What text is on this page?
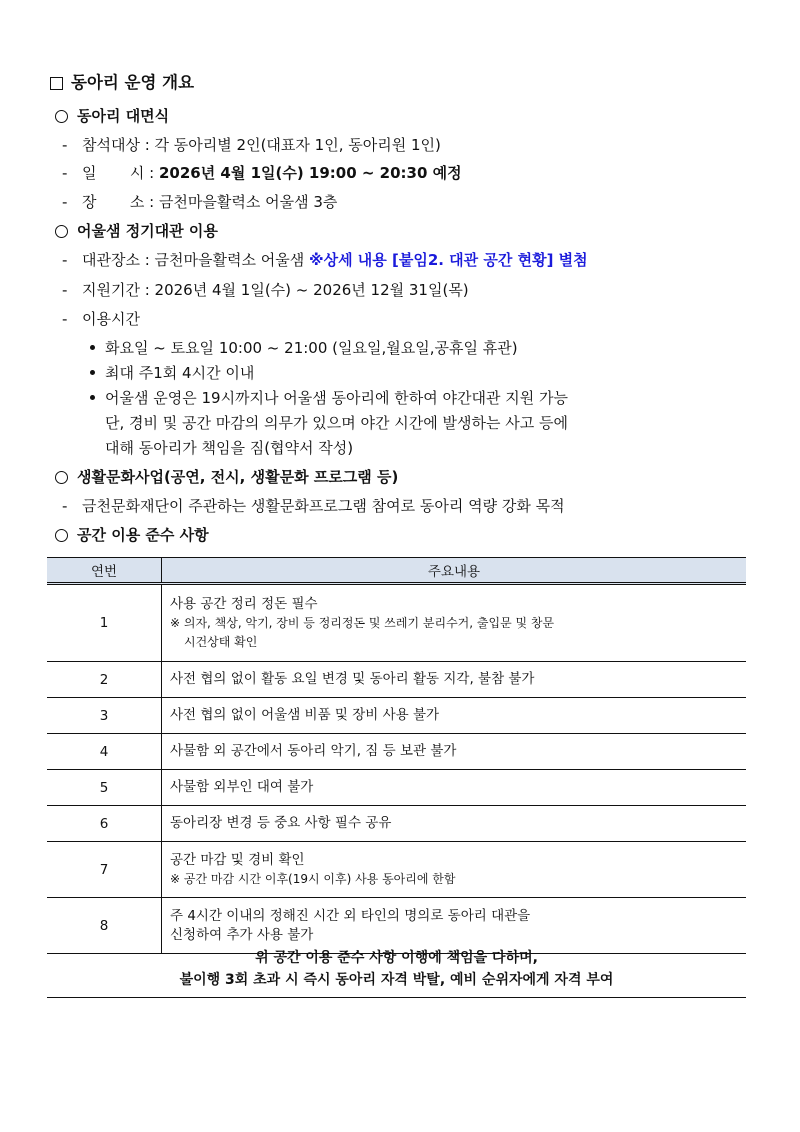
동아리 운영 개요
동아리 대면식
- 참석대상 : 각 동아리별 2인(대표자 1인, 동아리원 1인)
- 일       시 : 2026년 4월 1일(수) 19:00 ~ 20:30 예정
- 장       소 : 금천마을활력소 어울샘 3층
어울샘 정기대관 이용
- 대관장소 : 금천마을활력소 어울샘 ※상세 내용 [붙임2. 대관 공간 현황] 별첨
- 지원기간 : 2026년 4월 1일(수) ~ 2026년 12월 31일(목)
- 이용시간
화요일 ~ 토요일 10:00 ~ 21:00 (일요일,월요일,공휴일 휴관)
최대 주1회 4시간 이내
어울샘 운영은 19시까지나 어울샘 동아리에 한하여 야간대관 지원 가능
단, 경비 및 공간 마감의 의무가 있으며 야간 시간에 발생하는 사고 등에
대해 동아리가 책임을 짐(협약서 작성)
생활문화사업(공연, 전시, 생활문화 프로그램 등)
- 금천문화재단이 주관하는 생활문화프로그램 참여로 동아리 역량 강화 목적
공간 이용 준수 사항
연번	주요내용
1	사용 공간 정리 정돈 필수
※ 의자, 책상, 악기, 장비 등 정리정돈 및 쓰레기 분리수거, 출입문 및 창문
시건상태 확인

2	사전 협의 없이 활동 요일 변경 및 동아리 활동 지각, 불참 불가
3	사전 협의 없이 어울샘 비품 및 장비 사용 불가
4	사물함 외 공간에서 동아리 악기, 짐 등 보관 불가
5	사물함 외부인 대여 불가
6	동아리장 변경 등 중요 사항 필수 공유
7	공간 마감 및 경비 확인
※ 공간 마감 시간 이후(19시 이후) 사용 동아리에 한함

8	주 4시간 이내의 정해진 시간 외 타인의 명의로 동아리 대관을
신청하여 추가 사용 불가
위 공간 이용 준수 사항 이행에 책임을 다하며,
불이행 3회 초과 시 즉시 동아리 자격 박탈, 예비 순위자에게 자격 부여
